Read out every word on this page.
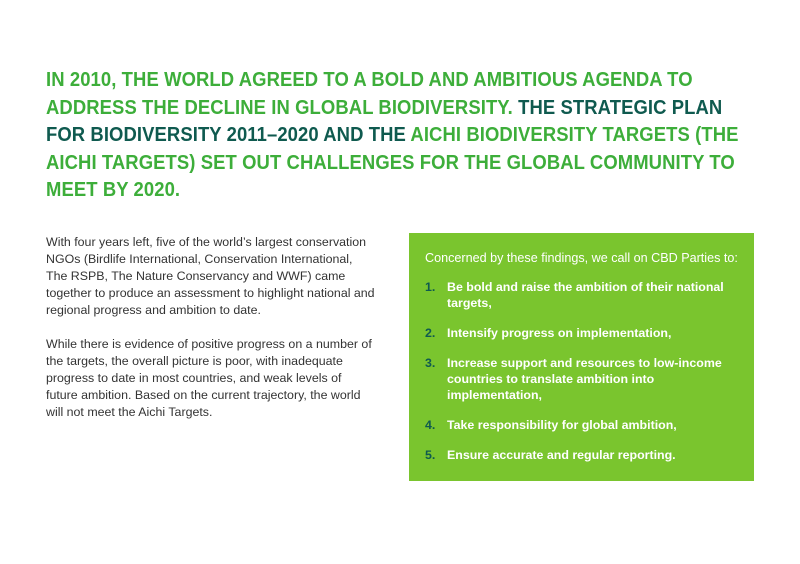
IN 2010, THE WORLD AGREED TO A BOLD AND AMBITIOUS AGENDA TO ADDRESS THE DECLINE IN GLOBAL BIODIVERSITY. THE STRATEGIC PLAN FOR BIODIVERSITY 2011–2020 AND THE AICHI BIODIVERSITY TARGETS (THE AICHI TARGETS) SET OUT CHALLENGES FOR THE GLOBAL COMMUNITY TO MEET BY 2020.

With four years left, five of the world’s largest conservation NGOs (Birdlife International, Conservation International, The RSPB, The Nature Conservancy and WWF) came together to produce an assessment to highlight national and regional progress and ambition to date.

While there is evidence of positive progress on a number of the targets, the overall picture is poor, with inadequate progress to date in most countries, and weak levels of future ambition. Based on the current trajectory, the world will not meet the Aichi Targets.

Concerned by these findings, we call on CBD Parties to:

1. Be bold and raise the ambition of their national targets,
2. Intensify progress on implementation,
3. Increase support and resources to low-income countries to translate ambition into implementation,
4. Take responsibility for global ambition,
5. Ensure accurate and regular reporting.
